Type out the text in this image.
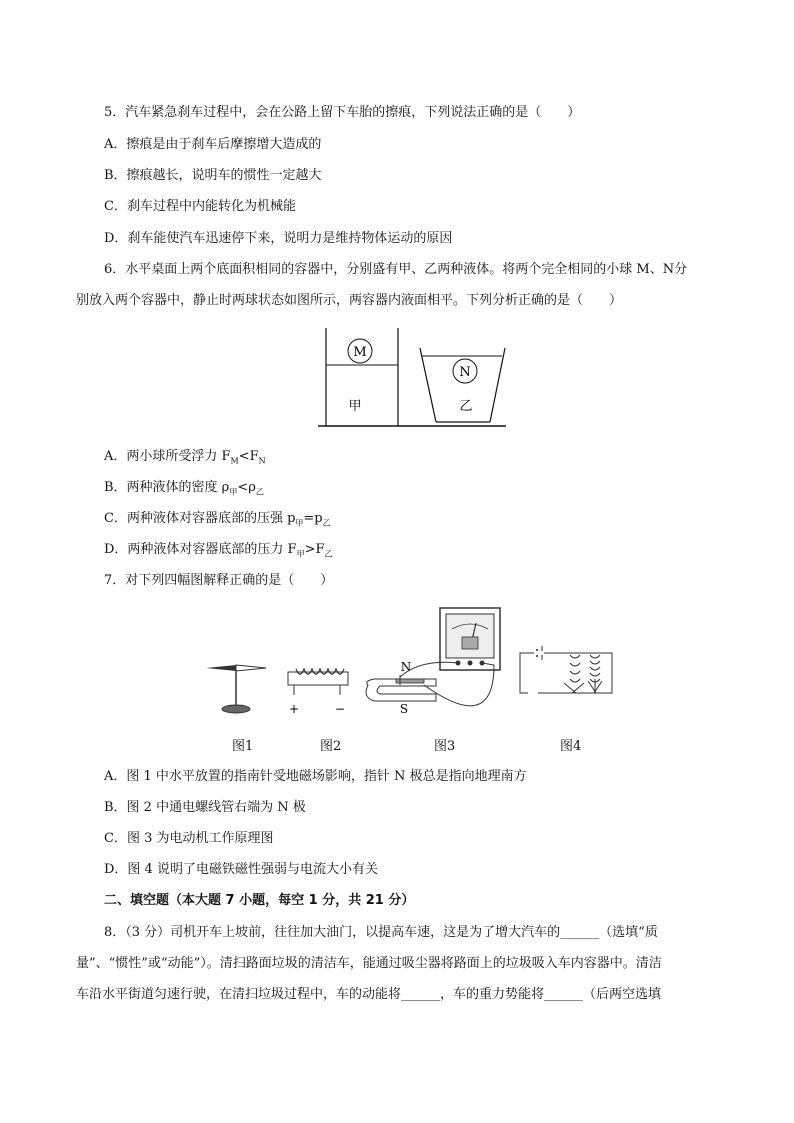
5．汽车紧急刹车过程中，会在公路上留下车胎的擦痕，下列说法正确的是（　　）
A．擦痕是由于刹车后摩擦增大造成的
B．擦痕越长，说明车的惯性一定越大
C．刹车过程中内能转化为机械能
D．刹车能使汽车迅速停下来，说明力是维持物体运动的原因
6．水平桌面上两个底面积相同的容器中，分别盛有甲、乙两种液体。将两个完全相同的小球 M、N分
别放入两个容器中，静止时两球状态如图所示，两容器内液面相平。下列分析正确的是（　　）
M
甲
N
乙
A．两小球所受浮力 $F_M<F_N$
B．两种液体的密度 $\rho_甲<\rho_乙$
C．两种液体对容器底部的压强 $p_甲=p_乙$
D．两种液体对容器底部的压力 $F_甲>F_乙$
7．对下列四幅图解释正确的是（　　）
+	−
N
S
图1	图2	图3	图4
A．图 1 中水平放置的指南针受地磁场影响，指针 N 极总是指向地理南方
B．图 2 中通电螺线管右端为 N 极
C．图 3 为电动机工作原理图
D．图 4 说明了电磁铁磁性强弱与电流大小有关
二、填空题（本大题 7 小题，每空 1 分，共 21 分）
8．（3 分）司机开车上坡前，往往加大油门，以提高车速，这是为了增大汽车的______（选填“质
量”、“惯性”或“动能”）。清扫路面垃圾的清洁车，能通过吸尘器将路面上的垃圾吸入车内容器中。清洁
车沿水平街道匀速行驶，在清扫垃圾过程中，车的动能将______，车的重力势能将______（后两空选填
